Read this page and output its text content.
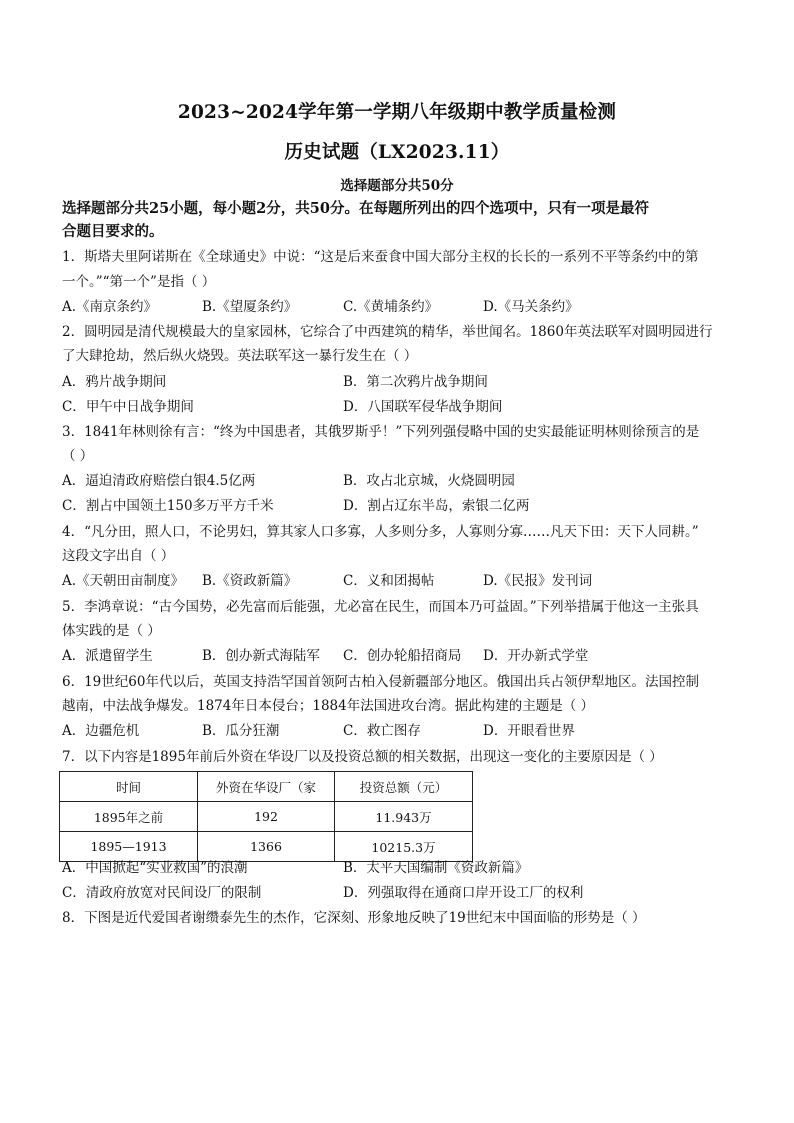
2023~2024学年第一学期八年级期中教学质量检测
历史试题（LX2023.11）
选择题部分共50分
选择题部分共25小题，每小题2分，共50分。在每题所列出的四个选项中，只有一项是最符
合题目要求的。
1．斯塔夫里阿诺斯在《全球通史》中说：“这是后来蚕食中国大部分主权的长长的一系列不平等条约中的第
一个。”“第一个”是指（ ）
A.《南京条约》	B.《望厦条约》	C.《黄埔条约》	D.《马关条约》
2．圆明园是清代规模最大的皇家园林，它综合了中西建筑的精华，举世闻名。1860年英法联军对圆明园进行
了大肆抢劫，然后纵火烧毁。英法联军这一暴行发生在（ ）
A．鸦片战争期间	B．第二次鸦片战争期间
C．甲午中日战争期间	D．八国联军侵华战争期间
3．1841年林则徐有言：“终为中国患者，其俄罗斯乎！”下列列强侵略中国的史实最能证明林则徐预言的是
（ ）
A．逼迫清政府赔偿白银4.5亿两	B．攻占北京城，火烧圆明园
C．割占中国领土150多万平方千米	D．割占辽东半岛，索银二亿两
4．“凡分田，照人口，不论男妇，算其家人口多寡，人多则分多，人寡则分寡……凡天下田：天下人同耕。”
这段文字出自（ ）
A.《天朝田亩制度》 B.《资政新篇》	C．义和团揭帖	D.《民报》发刊词
5．李鸿章说：“古今国势，必先富而后能强，尤必富在民生，而国本乃可益固。”下列举措属于他这一主张具
体实践的是（ ）
A．派遣留学生	B．创办新式海陆军 C．创办轮船招商局 D．开办新式学堂
6．19世纪60年代以后，英国支持浩罕国首领阿古柏入侵新疆部分地区。俄国出兵占领伊犁地区。法国控制
越南，中法战争爆发。1874年日本侵台；1884年法国进攻台湾。据此构建的主题是（ ）
A．边疆危机	B．瓜分狂潮	C．救亡图存	D．开眼看世界
7．以下内容是1895年前后外资在华设厂以及投资总额的相关数据，出现这一变化的主要原因是（ ）
时间	外资在华设厂（家	投资总额（元）
1895年之前	192	11.943万
1895—1913	1366	10215.3万
A．中国掀起“实业救国”的浪潮	B．太平天国编制《资政新篇》
C．清政府放宽对民间设厂的限制	D．列强取得在通商口岸开设工厂的权利
8．下图是近代爱国者谢缵泰先生的杰作，它深刻、形象地反映了19世纪末中国面临的形势是（ ）
